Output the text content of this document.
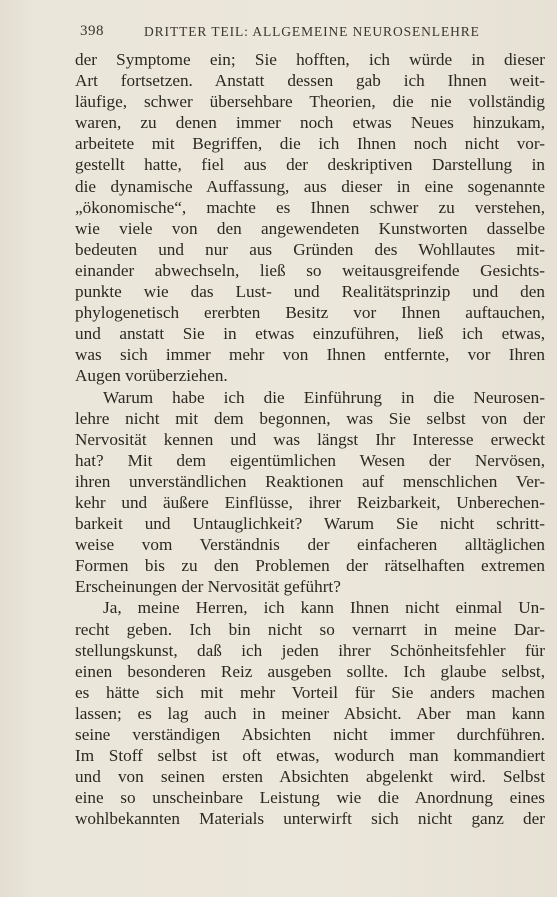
398	DRITTER TEIL: ALLGEMEINE NEUROSENLEHRE
der Symptome ein; Sie hofften, ich würde in dieser
Art fortsetzen. Anstatt dessen gab ich Ihnen weit-
läufige, schwer übersehbare Theorien, die nie vollständig
waren, zu denen immer noch etwas Neues hinzukam,
arbeitete mit Begriffen, die ich Ihnen noch nicht vor-
gestellt hatte, fiel aus der deskriptiven Darstellung in
die dynamische Auffassung, aus dieser in eine sogenannte
„ökonomische“, machte es Ihnen schwer zu verstehen,
wie viele von den angewendeten Kunstworten dasselbe
bedeuten und nur aus Gründen des Wohllautes mit-
einander abwechseln, ließ so weitausgreifende Gesichts-
punkte wie das Lust- und Realitätsprinzip und den
phylogenetisch ererbten Besitz vor Ihnen auftauchen,
und anstatt Sie in etwas einzuführen, ließ ich etwas,
was sich immer mehr von Ihnen entfernte, vor Ihren
Augen vorüberziehen.
Warum habe ich die Einführung in die Neurosen-
lehre nicht mit dem begonnen, was Sie selbst von der
Nervosität kennen und was längst Ihr Interesse erweckt
hat? Mit dem eigentümlichen Wesen der Nervösen,
ihren unverständlichen Reaktionen auf menschlichen Ver-
kehr und äußere Einflüsse, ihrer Reizbarkeit, Unberechen-
barkeit und Untauglichkeit? Warum Sie nicht schritt-
weise vom Verständnis der einfacheren alltäglichen
Formen bis zu den Problemen der rätselhaften extremen
Erscheinungen der Nervosität geführt?
Ja, meine Herren, ich kann Ihnen nicht einmal Un-
recht geben. Ich bin nicht so vernarrt in meine Dar-
stellungskunst, daß ich jeden ihrer Schönheitsfehler für
einen besonderen Reiz ausgeben sollte. Ich glaube selbst,
es hätte sich mit mehr Vorteil für Sie anders machen
lassen; es lag auch in meiner Absicht. Aber man kann
seine verständigen Absichten nicht immer durchführen.
Im Stoff selbst ist oft etwas, wodurch man kommandiert
und von seinen ersten Absichten abgelenkt wird. Selbst
eine so unscheinbare Leistung wie die Anordnung eines
wohlbekannten Materials unterwirft sich nicht ganz der
